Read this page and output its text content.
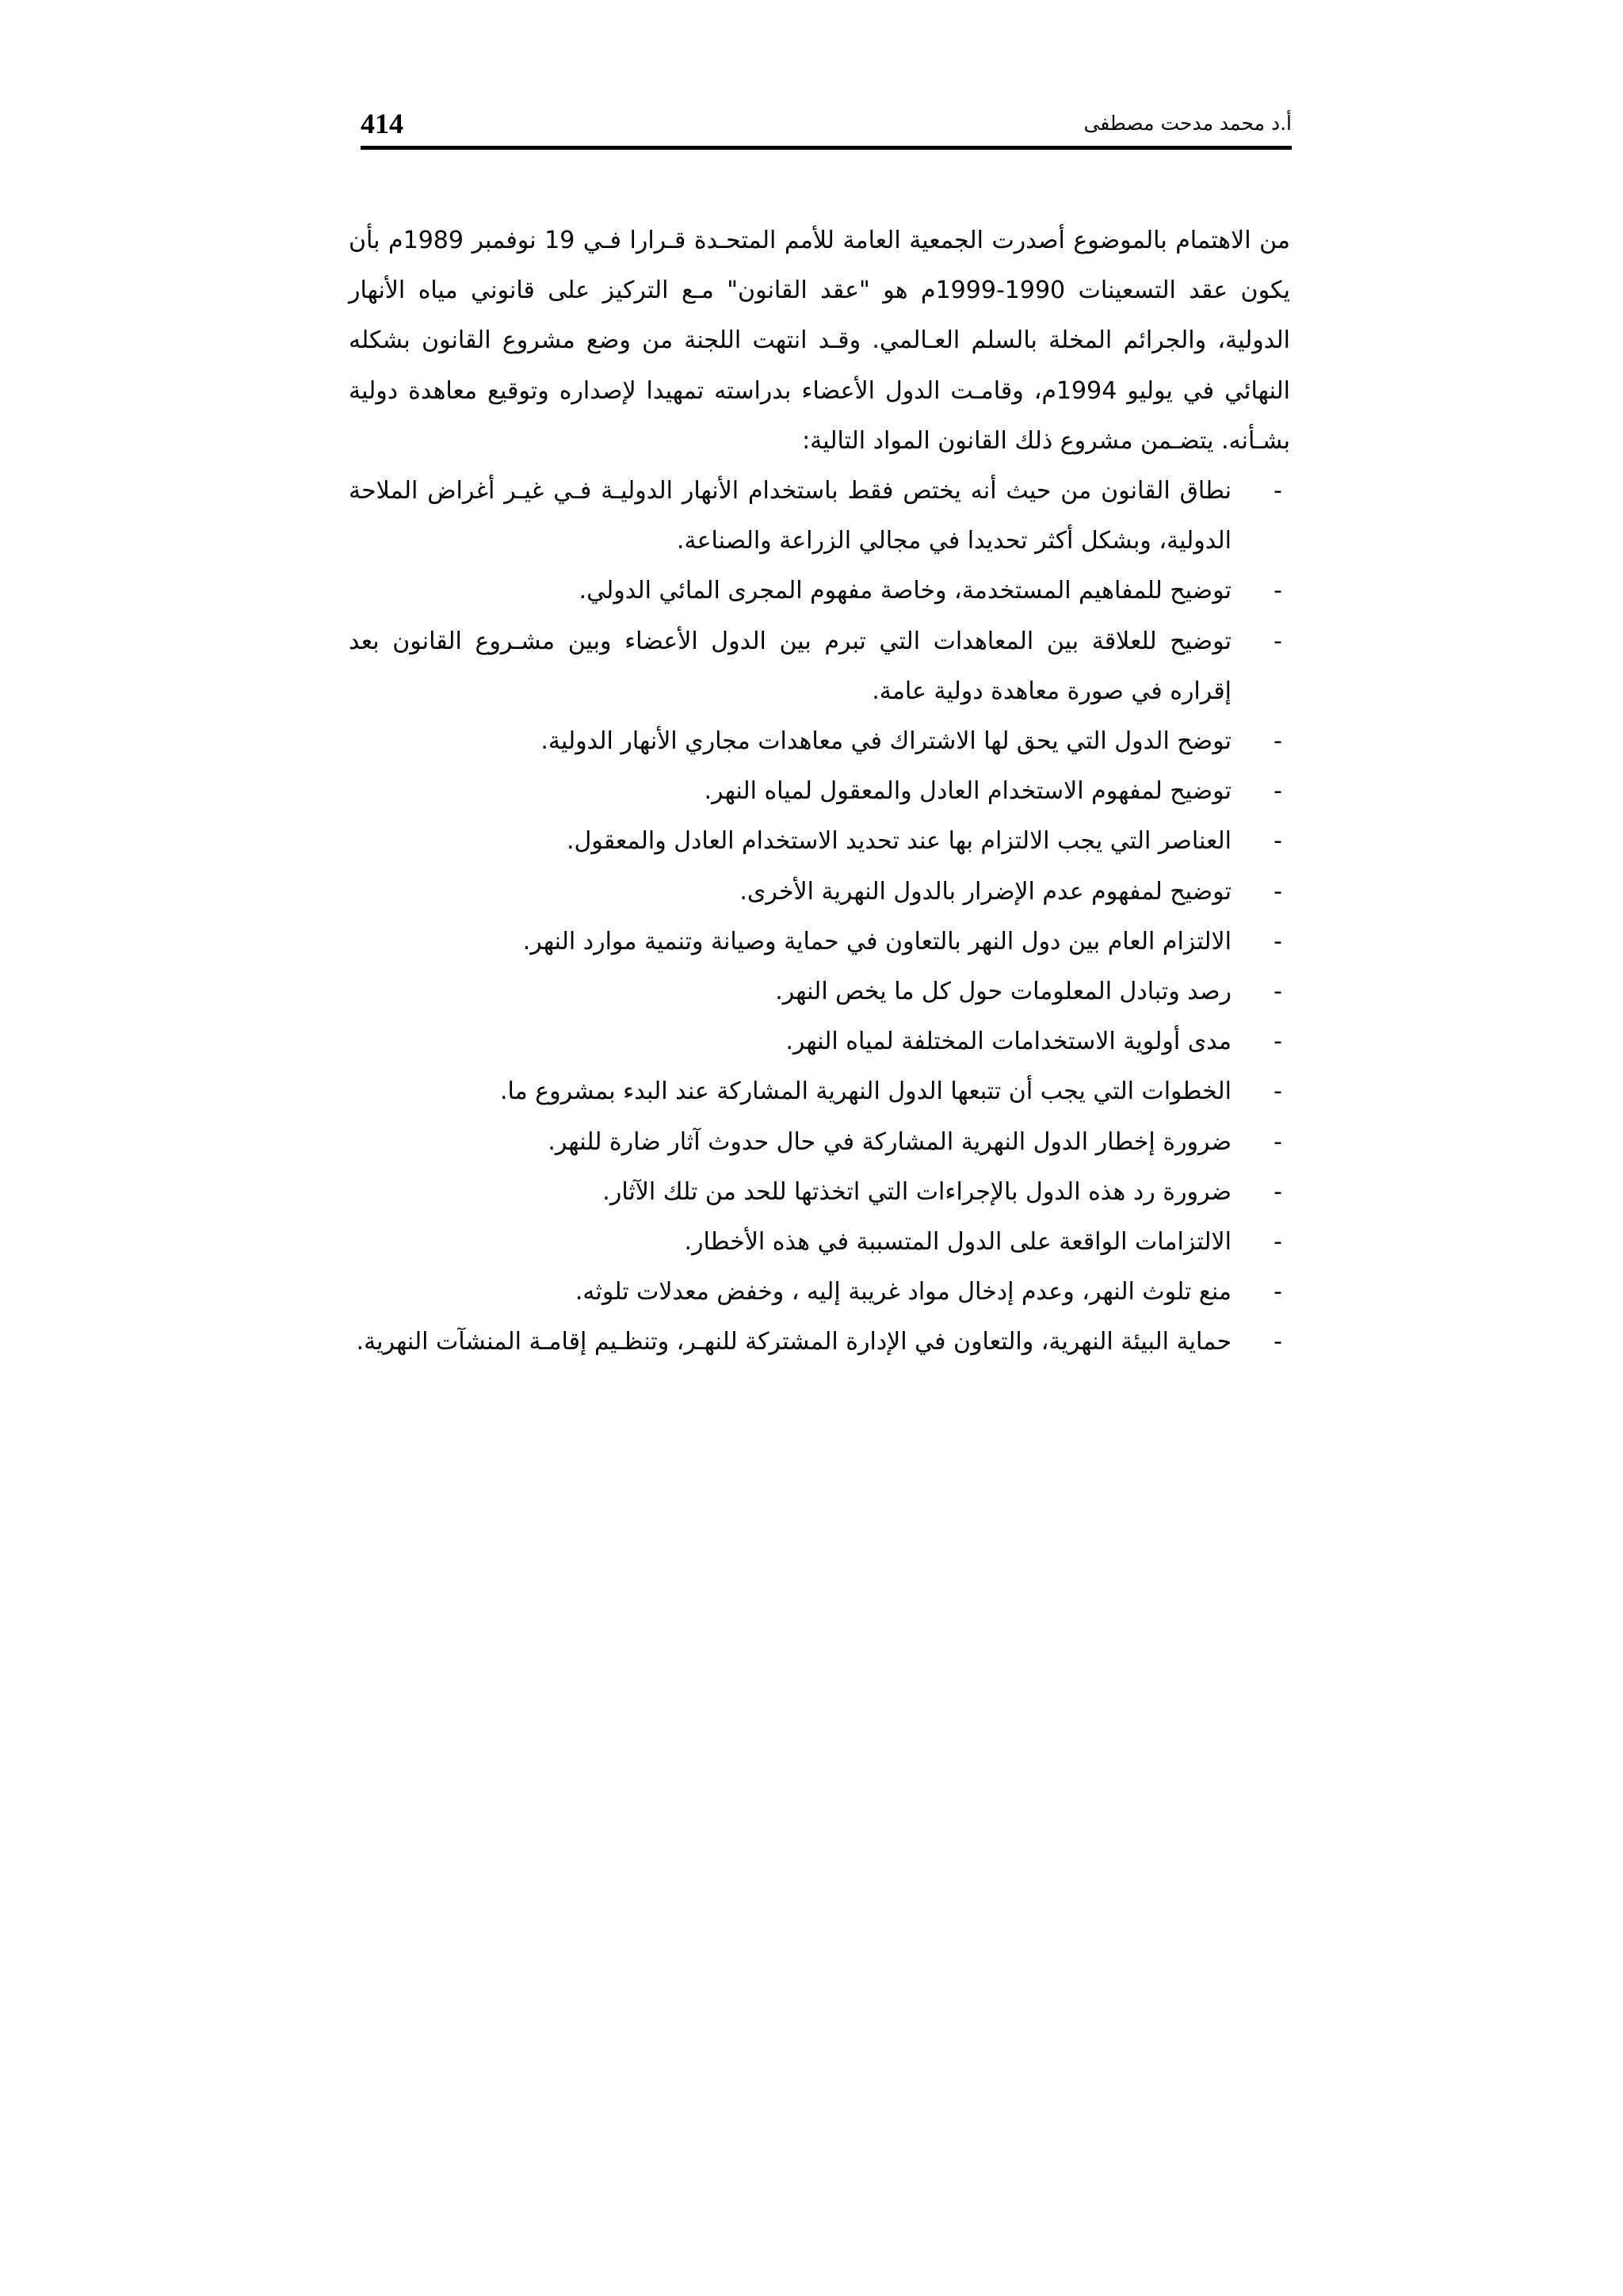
414	أ.د محمد مدحت مصطفى

من الاهتمام بالموضوع أصدرت الجمعية العامة للأمم المتحـدة قـرارا فـي 19 نوفمبر 1989م بأن يكون عقد التسعينات 1990-1999م هو "عقد القانون" مـع التركيز على قانوني مياه الأنهار الدولية، والجرائم المخلة بالسلم العـالمي. وقـد انتهت اللجنة من وضع مشروع القانون بشكله النهائي في يوليو 1994م، وقامـت الدول الأعضاء بدراسته تمهيدا لإصداره وتوقيع معاهدة دولية بشـأنه. يتضـمن مشروع ذلك القانون المواد التالية:

-
نطاق القانون من حيث أنه يختص فقط باستخدام الأنهار الدوليـة فـي غيـر أغراض الملاحة الدولية، وبشكل أكثر تحديدا في مجالي الزراعة والصناعة.
-
توضيح للمفاهيم المستخدمة، وخاصة مفهوم المجرى المائي الدولي.
-
توضيح للعلاقة بين المعاهدات التي تبرم بين الدول الأعضاء وبين مشـروع القانون بعد إقراره في صورة معاهدة دولية عامة.
-
توضح الدول التي يحق لها الاشتراك في معاهدات مجاري الأنهار الدولية.
-
توضيح لمفهوم الاستخدام العادل والمعقول لمياه النهر.
-
العناصر التي يجب الالتزام بها عند تحديد الاستخدام العادل والمعقول.
-
توضيح لمفهوم عدم الإضرار بالدول النهرية الأخرى.
-
الالتزام العام بين دول النهر بالتعاون في حماية وصيانة وتنمية موارد النهر.
-
رصد وتبادل المعلومات حول كل ما يخص النهر.
-
مدى أولوية الاستخدامات المختلفة لمياه النهر.
-
الخطوات التي يجب أن تتبعها الدول النهرية المشاركة عند البدء بمشروع ما.
-
ضرورة إخطار الدول النهرية المشاركة في حال حدوث آثار ضارة للنهر.
-
ضرورة رد هذه الدول بالإجراءات التي اتخذتها للحد من تلك الآثار.
-
الالتزامات الواقعة على الدول المتسببة في هذه الأخطار.
-
منع تلوث النهر، وعدم إدخال مواد غريبة إليه ، وخفض معدلات تلوثه.
-
حماية البيئة النهرية، والتعاون في الإدارة المشتركة للنهـر، وتنظـيم إقامـة المنشآت النهرية.
